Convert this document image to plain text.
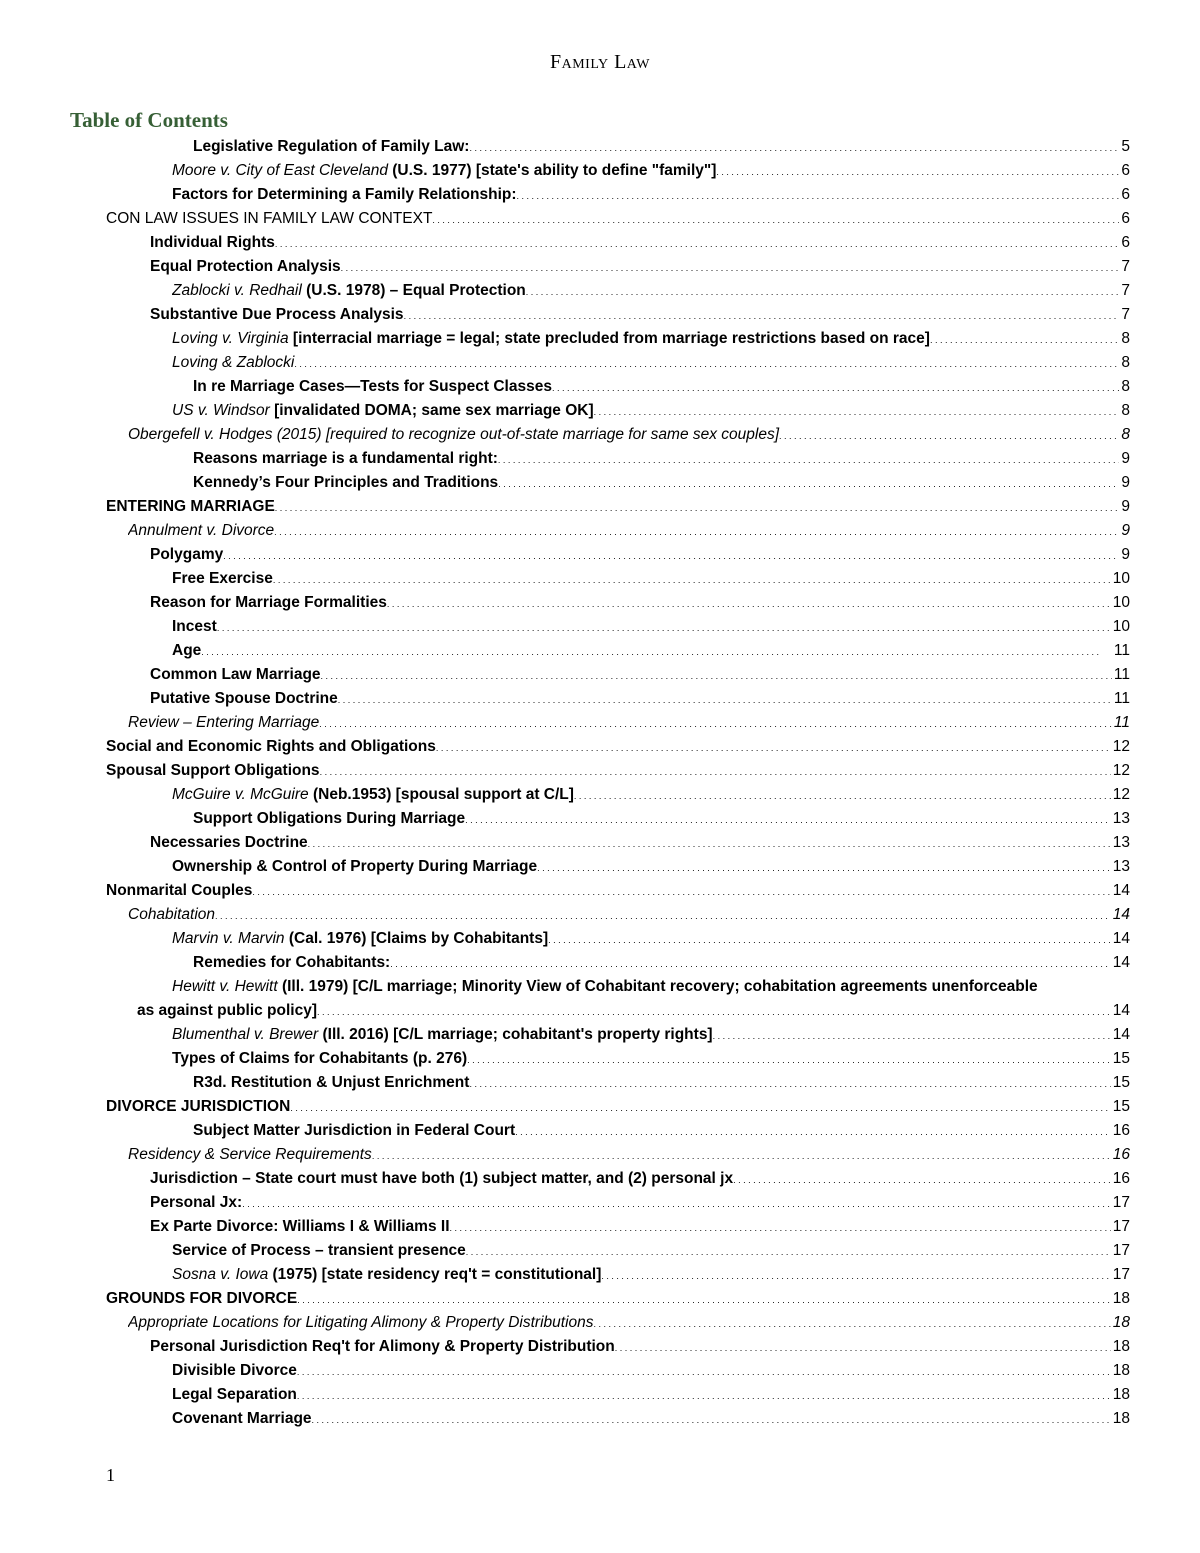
Family Law
Table of Contents
Legislative Regulation of Family Law: . . .	5
Moore v. City of East Cleveland (U.S. 1977) [state's ability to define "family"] . . .	6
Factors for Determining a Family Relationship: . . .	6
CON LAW ISSUES IN FAMILY LAW CONTEXT . . .	6
Individual Rights . . .	6
Equal Protection Analysis . . .	7
Zablocki v. Redhail (U.S. 1978) – Equal Protection . . .	7
Substantive Due Process Analysis . . .	7
Loving v. Virginia [interracial marriage = legal; state precluded from marriage restrictions based on race] . . .	8
Loving & Zablocki . . .	8
In re Marriage Cases—Tests for Suspect Classes . . .	8
US v. Windsor [invalidated DOMA; same sex marriage OK] . . .	8
Obergefell v. Hodges (2015) [required to recognize out-of-state marriage for same sex couples] . . .	8
Reasons marriage is a fundamental right: . . .	9
Kennedy’s Four Principles and Traditions . . .	9
ENTERING MARRIAGE . . .	9
Annulment v. Divorce . . .	9
Polygamy . . .	9
Free Exercise . . .	10
Reason for Marriage Formalities . . .	10
Incest . . .	10
Age . . .	11
Common Law Marriage . . .	11
Putative Spouse Doctrine . . .	11
Review – Entering Marriage . . .	11
Social and Economic Rights and Obligations . . .	12
Spousal Support Obligations . . .	12
McGuire v. McGuire (Neb.1953) [spousal support at C/L] . . .	12
Support Obligations During Marriage . . .	13
Necessaries Doctrine . . .	13
Ownership & Control of Property During Marriage . . .	13
Nonmarital Couples . . .	14
Cohabitation . . .	14
Marvin v. Marvin (Cal. 1976) [Claims by Cohabitants] . . .	14
Remedies for Cohabitants: . . .	14
Hewitt v. Hewitt (Ill. 1979) [C/L marriage; Minority View of Cohabitant recovery; cohabitation agreements unenforceable
as against public policy] . . .	14
Blumenthal v. Brewer (Ill. 2016) [C/L marriage; cohabitant's property rights] . . .	14
Types of Claims for Cohabitants (p. 276) . . .	15
R3d. Restitution & Unjust Enrichment . . .	15
DIVORCE JURISDICTION . . .	15
Subject Matter Jurisdiction in Federal Court . . .	16
Residency & Service Requirements . . .	16
Jurisdiction – State court must have both (1) subject matter, and (2) personal jx . . .	16
Personal Jx: . . .	17
Ex Parte Divorce: Williams I & Williams II . . .	17
Service of Process – transient presence . . .	17
Sosna v. Iowa (1975) [state residency req't = constitutional] . . .	17
GROUNDS FOR DIVORCE . . .	18
Appropriate Locations for Litigating Alimony & Property Distributions . . .	18
Personal Jurisdiction Req't for Alimony & Property Distribution . . .	18
Divisible Divorce . . .	18
Legal Separation . . .	18
Covenant Marriage . . .	18
1
